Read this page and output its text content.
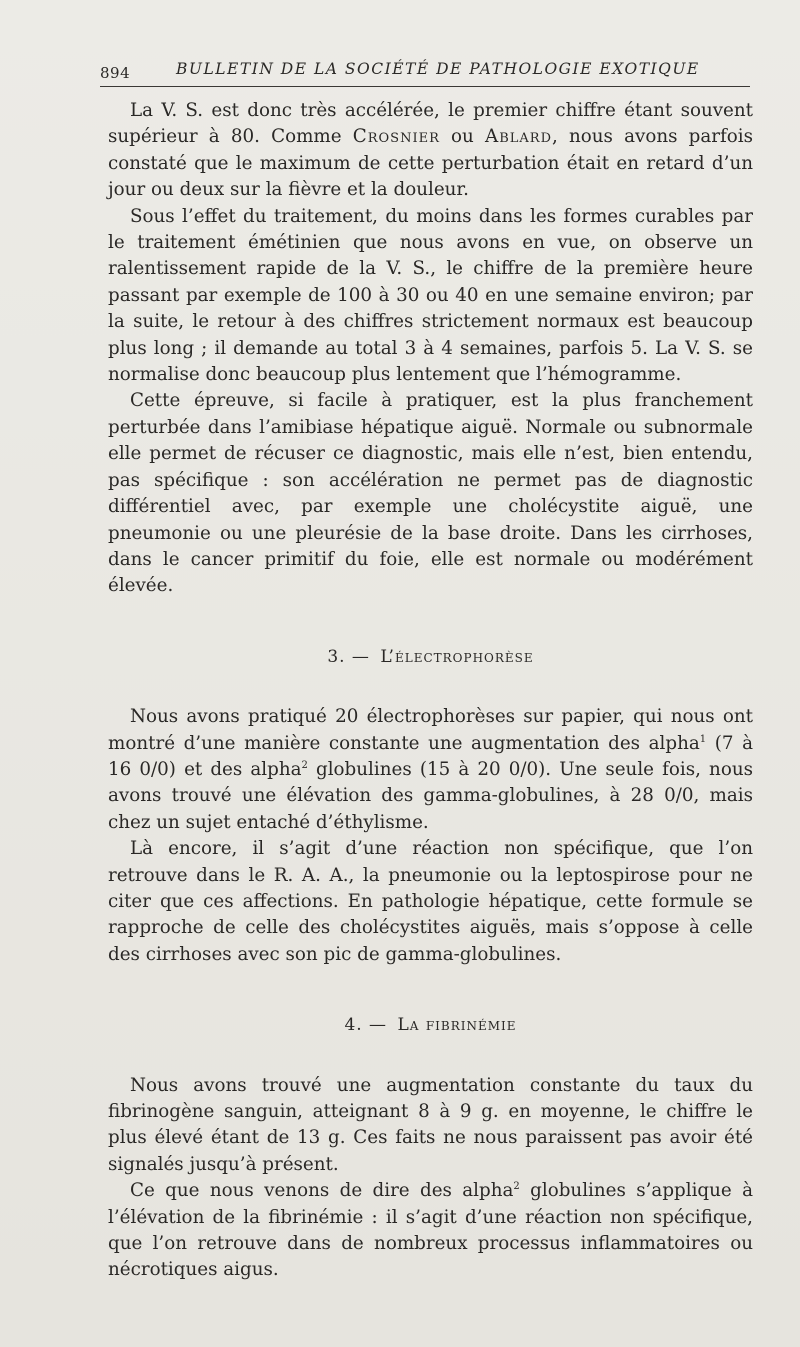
894	BULLETIN DE LA SOCIÉTÉ DE PATHOLOGIE EXOTIQUE

La V. S. est donc très accélérée, le premier chiffre étant souvent supérieur à 80. Comme Crosnier ou Ablard, nous avons parfois constaté que le maximum de cette perturbation était en retard d’un jour ou deux sur la fièvre et la douleur.

Sous l’effet du traitement, du moins dans les formes curables par le traitement émétinien que nous avons en vue, on observe un ralentissement rapide de la V. S., le chiffre de la première heure passant par exemple de 100 à 30 ou 40 en une semaine environ; par la suite, le retour à des chiffres strictement normaux est beaucoup plus long ; il demande au total 3 à 4 semaines, parfois 5. La V. S. se normalise donc beaucoup plus lentement que l’hémogramme.

Cette épreuve, si facile à pratiquer, est la plus franchement perturbée dans l’amibiase hépatique aiguë. Normale ou subnormale elle permet de récuser ce diagnostic, mais elle n’est, bien entendu, pas spécifique : son accélération ne permet pas de diagnostic différentiel avec, par exemple une cholécystite aiguë, une pneumonie ou une pleurésie de la base droite. Dans les cirrhoses, dans le cancer primitif du foie, elle est normale ou modérément élevée.

3. — L’électrophorèse

Nous avons pratiqué 20 électrophorèses sur papier, qui nous ont montré d’une manière constante une augmentation des alpha$^1$ (7 à 16 0/0) et des alpha$^2$ globulines (15 à 20 0/0). Une seule fois, nous avons trouvé une élévation des gamma-globulines, à 28 0/0, mais chez un sujet entaché d’éthylisme.

Là encore, il s’agit d’une réaction non spécifique, que l’on retrouve dans le R. A. A., la pneumonie ou la leptospirose pour ne citer que ces affections. En pathologie hépatique, cette formule se rapproche de celle des cholécystites aiguës, mais s’oppose à celle des cirrhoses avec son pic de gamma-globulines.

4. — La fibrinémie

Nous avons trouvé une augmentation constante du taux du fibrinogène sanguin, atteignant 8 à 9 g. en moyenne, le chiffre le plus élevé étant de 13 g. Ces faits ne nous paraissent pas avoir été signalés jusqu’à présent.

Ce que nous venons de dire des alpha$^2$ globulines s’applique à l’élévation de la fibrinémie : il s’agit d’une réaction non spécifique, que l’on retrouve dans de nombreux processus inflammatoires ou nécrotiques aigus.
